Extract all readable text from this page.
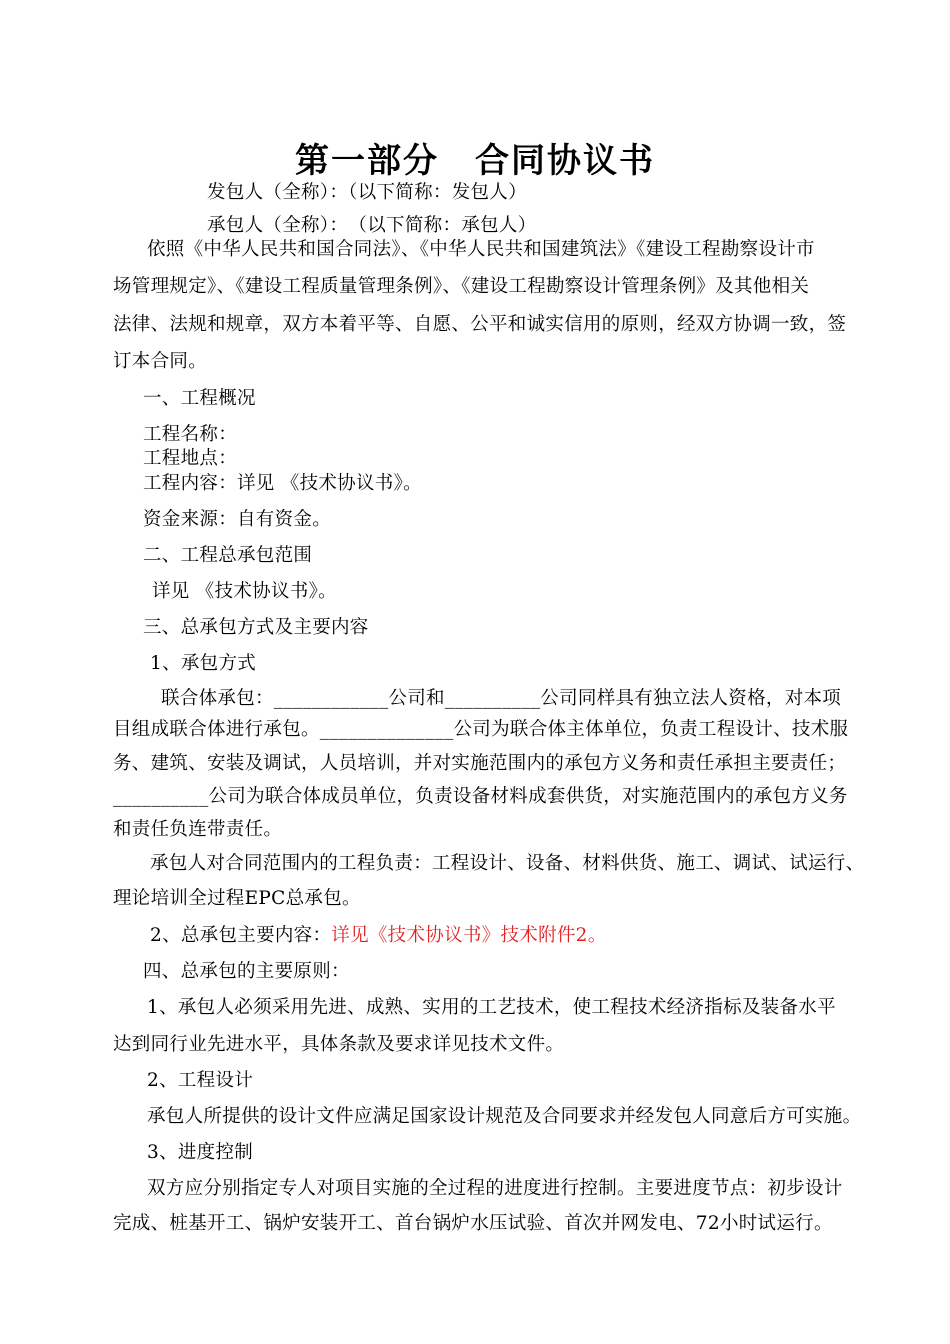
第一部分　合同协议书
发包人（全称）：（以下简称：发包人）
承包人（全称）：　（以下简称：承包人）
依照《中华人民共和国合同法》、《中华人民共和国建筑法》《建设工程勘察设计市
场管理规定》、《建设工程质量管理条例》、《建设工程勘察设计管理条例》及其他相关
法律、法规和规章，双方本着平等、自愿、公平和诚实信用的原则，经双方协调一致，签
订本合同。
一、工程概况
工程名称：
工程地点：
工程内容：详见 《技术协议书》。
资金来源：自有资金。
二、工程总承包范围
详见 《技术协议书》。
三、总承包方式及主要内容
1、承包方式
联合体承包：____________公司和__________公司同样具有独立法人资格，对本项
目组成联合体进行承包。______________公司为联合体主体单位，负责工程设计、技术服
务、建筑、安装及调试，人员培训，并对实施范围内的承包方义务和责任承担主要责任；
__________公司为联合体成员单位，负责设备材料成套供货，对实施范围内的承包方义务
和责任负连带责任。
承包人对合同范围内的工程负责：工程设计、设备、材料供货、施工、调试、试运行、
理论培训全过程EPC总承包。
2、总承包主要内容：详见《技术协议书》技术附件2。
四、总承包的主要原则：
1、承包人必须采用先进、成熟、实用的工艺技术，使工程技术经济指标及装备水平
达到同行业先进水平，具体条款及要求详见技术文件。
2、工程设计
承包人所提供的设计文件应满足国家设计规范及合同要求并经发包人同意后方可实施。
3、进度控制
双方应分别指定专人对项目实施的全过程的进度进行控制。主要进度节点：初步设计
完成、桩基开工、锅炉安装开工、首台锅炉水压试验、首次并网发电、72小时试运行。
